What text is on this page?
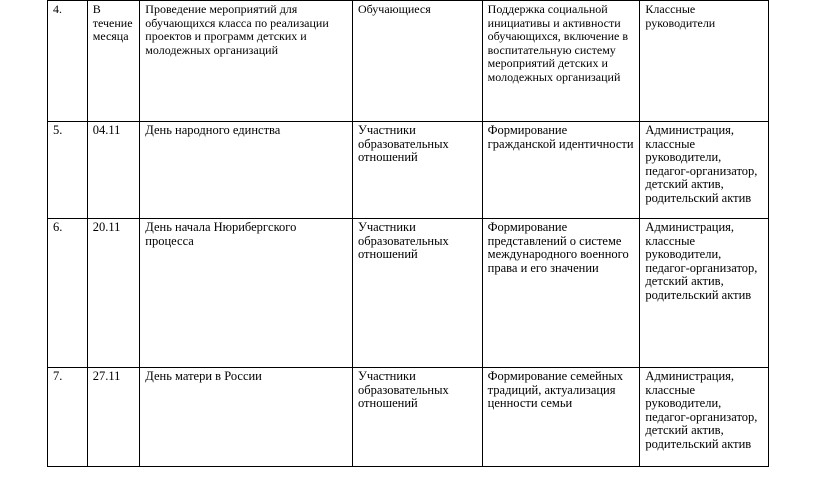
4.	В течение месяца	Проведение мероприятий для обучающихся класса по реализации проектов и программ детских и молодежных организаций	Обучающиеся	Поддержка социальной инициативы и активности обучающихся, включение в воспитательную систему мероприятий детских и молодежных организаций	Классные руководители

5.	04.11	День народного единства	Участники образовательных отношений	Формирование гражданской идентичности	Администрация, классные руководители, педагог-организатор, детский актив, родительский актив

6.	20.11	День начала Нюрибергского процесса	Участники образовательных отношений	Формирование представлений о системе международного военного права и его значении	Администрация, классные руководители, педагог-организатор, детский актив, родительский актив

7.	27.11	День матери в России	Участники образовательных отношений	Формирование семейных традиций, актуализация ценности семьи	Администрация, классные руководители, педагог-организатор, детский актив, родительский актив
